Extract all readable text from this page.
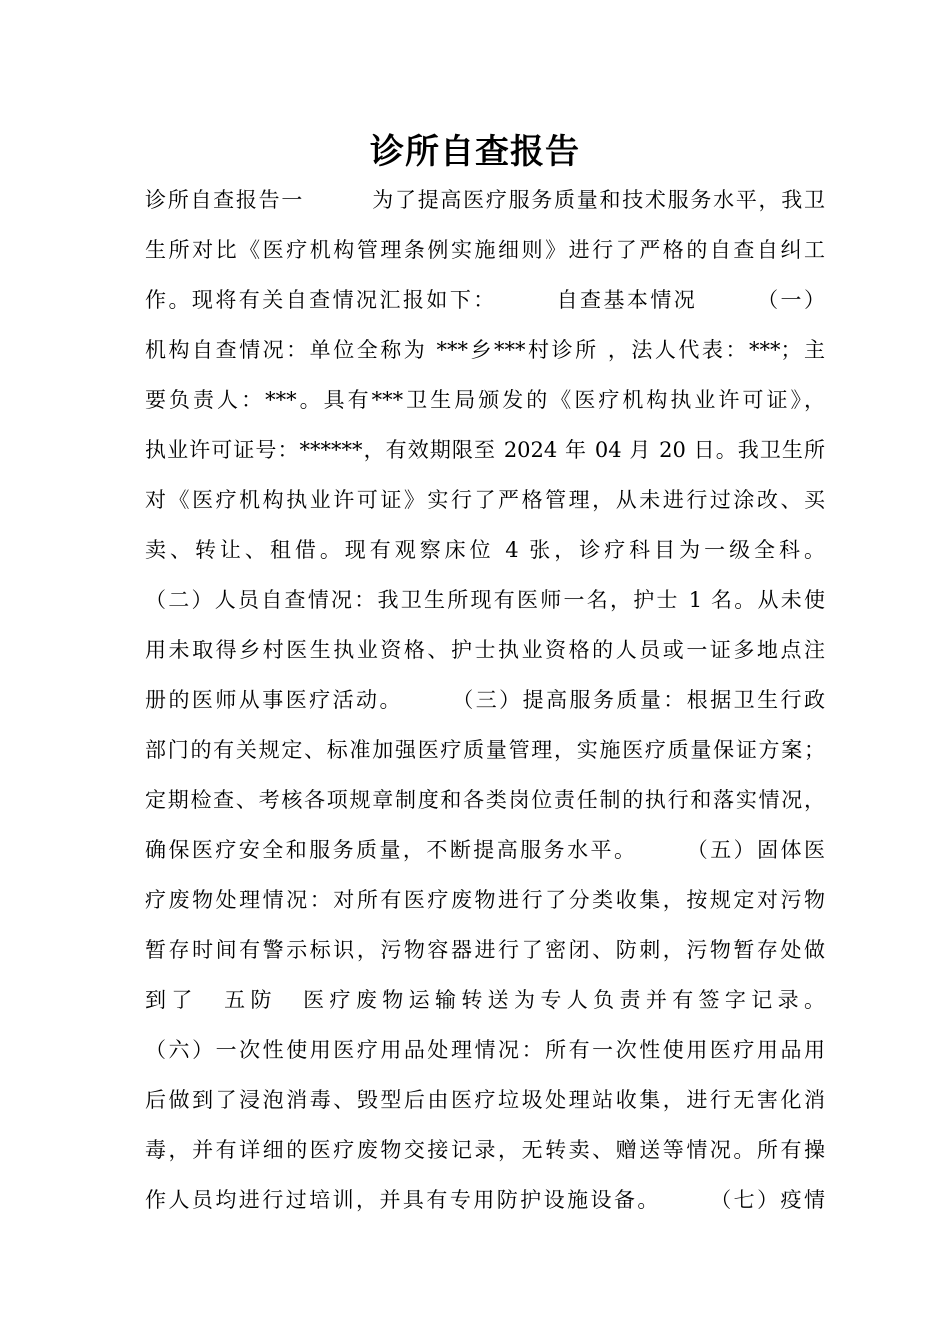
诊所自查报告
诊所自查报告一　　　为了提高医疗服务质量和技术服务水平，我卫
生所对比《医疗机构管理条例实施细则》进行了严格的自查自纠工
作。现将有关自查情况汇报如下：　　　自查基本情况　　　（一）
机构自查情况：单位全称为 ***乡***村诊所 ，法人代表：***；主
要负责人：***。具有***卫生局颁发的《医疗机构执业许可证》，
执业许可证号：******，有效期限至 2024 年 04 月 20 日。我卫生所
对《医疗机构执业许可证》实行了严格管理，从未进行过涂改、买
卖、转让、租借。现有观察床位 4 张，诊疗科目为一级全科。
（二）人员自查情况：我卫生所现有医师一名，护士 1 名。从未使
用未取得乡村医生执业资格、护士执业资格的人员或一证多地点注
册的医师从事医疗活动。　　　（三）提高服务质量：根据卫生行政
部门的有关规定、标准加强医疗质量管理，实施医疗质量保证方案；
定期检查、考核各项规章制度和各类岗位责任制的执行和落实情况，
确保医疗安全和服务质量，不断提高服务水平。　　　（五）固体医
疗废物处理情况：对所有医疗废物进行了分类收集，按规定对污物
暂存时间有警示标识，污物容器进行了密闭、防刺，污物暂存处做
到了　五防　医疗废物运输转送为专人负责并有签字记录。
（六）一次性使用医疗用品处理情况：所有一次性使用医疗用品用
后做到了浸泡消毒、毁型后由医疗垃圾处理站收集，进行无害化消
毒，并有详细的医疗废物交接记录，无转卖、赠送等情况。所有操
作人员均进行过培训，并具有专用防护设施设备。　　　（七）疫情
